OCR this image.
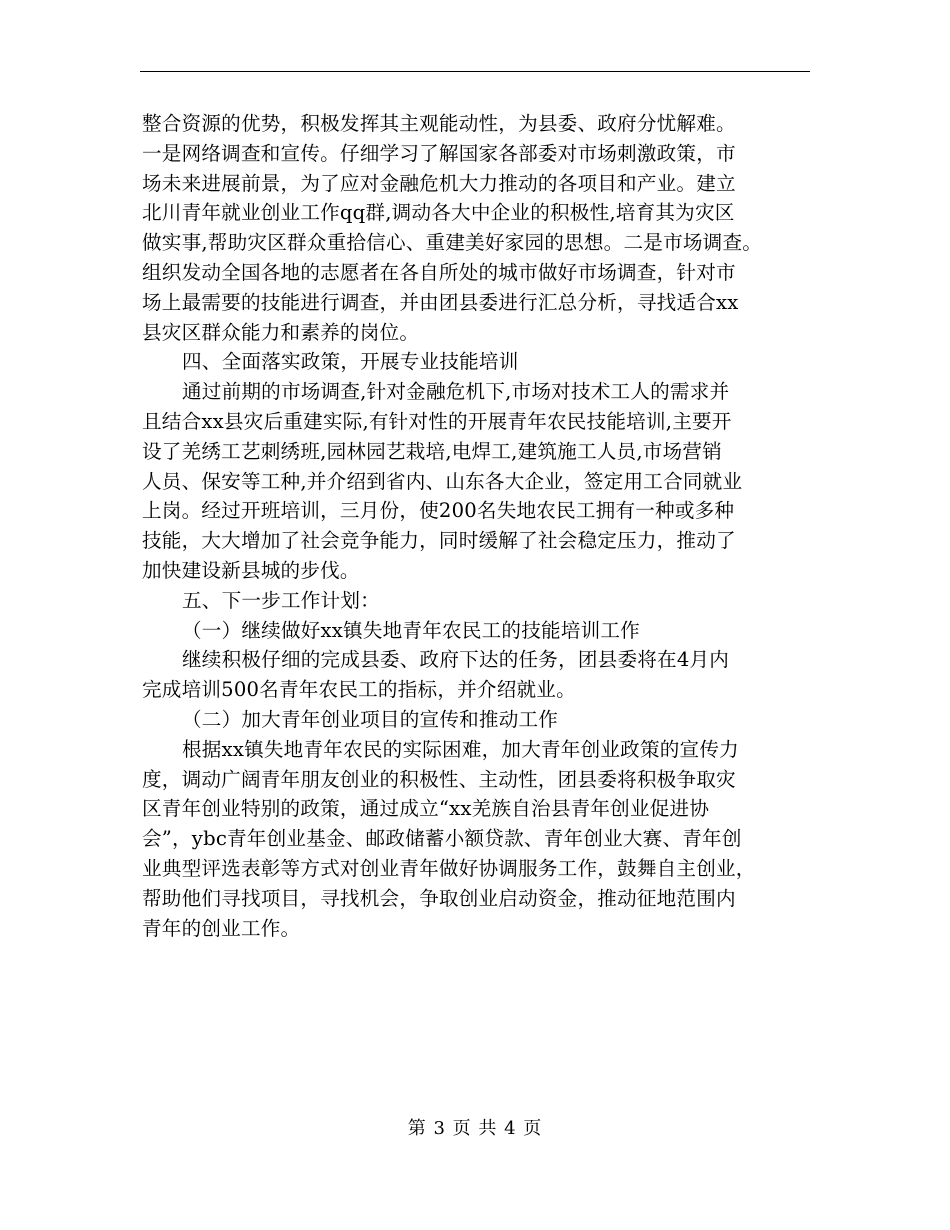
整合资源的优势，积极发挥其主观能动性，为县委、政府分忧解难。
一是网络调查和宣传。仔细学习了解国家各部委对市场刺激政策，市
场未来进展前景，为了应对金融危机大力推动的各项目和产业。建立
北川青年就业创业工作qq群,调动各大中企业的积极性,培育其为灾区
做实事,帮助灾区群众重拾信心、重建美好家园的思想。二是市场调查。
组织发动全国各地的志愿者在各自所处的城市做好市场调查，针对市
场上最需要的技能进行调查，并由团县委进行汇总分析，寻找适合xx
县灾区群众能力和素养的岗位。
四、全面落实政策，开展专业技能培训
通过前期的市场调查,针对金融危机下,市场对技术工人的需求并
且结合xx县灾后重建实际,有针对性的开展青年农民技能培训,主要开
设了羌绣工艺刺绣班,园林园艺栽培,电焊工,建筑施工人员,市场营销
人员、保安等工种,并介绍到省内、山东各大企业，签定用工合同就业
上岗。经过开班培训，三月份，使200名失地农民工拥有一种或多种
技能，大大增加了社会竞争能力，同时缓解了社会稳定压力，推动了
加快建设新县城的步伐。
五、下一步工作计划：
（一）继续做好xx镇失地青年农民工的技能培训工作
继续积极仔细的完成县委、政府下达的任务，团县委将在4月内
完成培训500名青年农民工的指标，并介绍就业。
（二）加大青年创业项目的宣传和推动工作
根据xx镇失地青年农民的实际困难，加大青年创业政策的宣传力
度，调动广阔青年朋友创业的积极性、主动性，团县委将积极争取灾
区青年创业特别的政策，通过成立“xx羌族自治县青年创业促进协
会”，ybc青年创业基金、邮政储蓄小额贷款、青年创业大赛、青年创
业典型评选表彰等方式对创业青年做好协调服务工作，鼓舞自主创业，
帮助他们寻找项目，寻找机会，争取创业启动资金，推动征地范围内
青年的创业工作。
第 3 页 共 4 页
